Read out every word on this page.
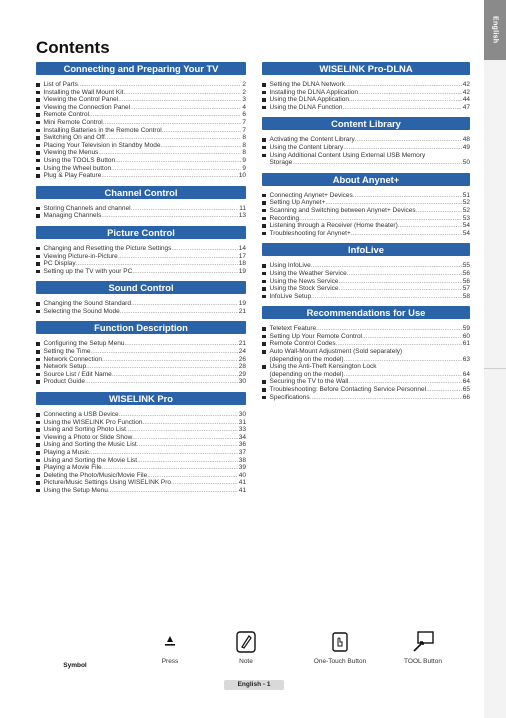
English
Contents
Connecting and Preparing Your TV
List of Parts .....	2
Installing the Wall Mount Kit .....	2
Viewing the Control Panel .....	3
Viewing the Connection Panel .....	4
Remote Control .....	6
Mini Remote Control .....	7
Installing Batteries in the Remote Control .....	7
Switching On and Off .....	8
Placing Your Television in Standby Mode .....	8
Viewing the Menus .....	8
Using the TOOLS Button .....	9
Using the Wheel button .....	9
Plug & Play Feature .....	10
Channel Control
Storing Channels and channel .....	11
Managing Channels .....	13
Picture Control
Changing and Resetting the Picture Settings .....	14
Viewing Picture-in-Picture .....	17
PC Display .....	18
Setting up the TV with your PC .....	19
Sound Control
Changing the Sound Standard .....	19
Selecting the Sound Mode .....	21
Function Description
Configuring the Setup Menu .....	21
Setting the Time .....	24
Network Connection .....	26
Network Setup .....	28
Source List / Edit Name .....	29
Product Guide .....	30
WISELINK Pro
Connecting a USB Device .....	30
Using the WISELINK Pro Function .....	31
Using and Sorting Photo List .....	33
Viewing a Photo or Slide Show .....	34
Using and Sorting the Music List .....	36
Playing a Music .....	37
Using and Sorting the Movie List .....	38
Playing a Movie File .....	39
Deleting the Photo/Music/Movie File .....	40
Picture/Music Settings Using WISELINK Pro .....	41
Using the Setup Menu .....	41
WISELINK Pro-DLNA
Setting the DLNA Network .....	42
Installing the DLNA Application .....	42
Using the DLNA Application .....	44
Using the DLNA Function .....	47
Content Library
Activating the Content Library .....	48
Using the Content Library .....	49
Using Additional Content Using External USB Memory
Storage .....	50
About Anynet+
Connecting Anynet+ Devices .....	51
Setting Up Anynet+ .....	52
Scanning and Switching between Anynet+ Devices .....	52
Recording .....	53
Listening through a Receiver (Home theater) .....	54
Troubleshooting for Anynet+ .....	54
InfoLive
Using InfoLive .....	55
Using the Weather Service .....	56
Using the News Service .....	56
Using the Stock Service .....	57
InfoLive Setup .....	58
Recommendations for Use
Teletext Feature .....	59
Setting Up Your Remote Control .....	60
Remote Control Codes .....	61
Auto Wall-Mount Adjustment (Sold separately)
(depending on the model) .....	63
Using the Anti-Theft Kensington Lock
(depending on the model) .....	64
Securing the TV to the Wall .....	64
Troubleshooting: Before Contacting Service Personnel .....	65
Specifications .....	66
Symbol
Press	Note	One-Touch Button	TOOL Button
English - 1
